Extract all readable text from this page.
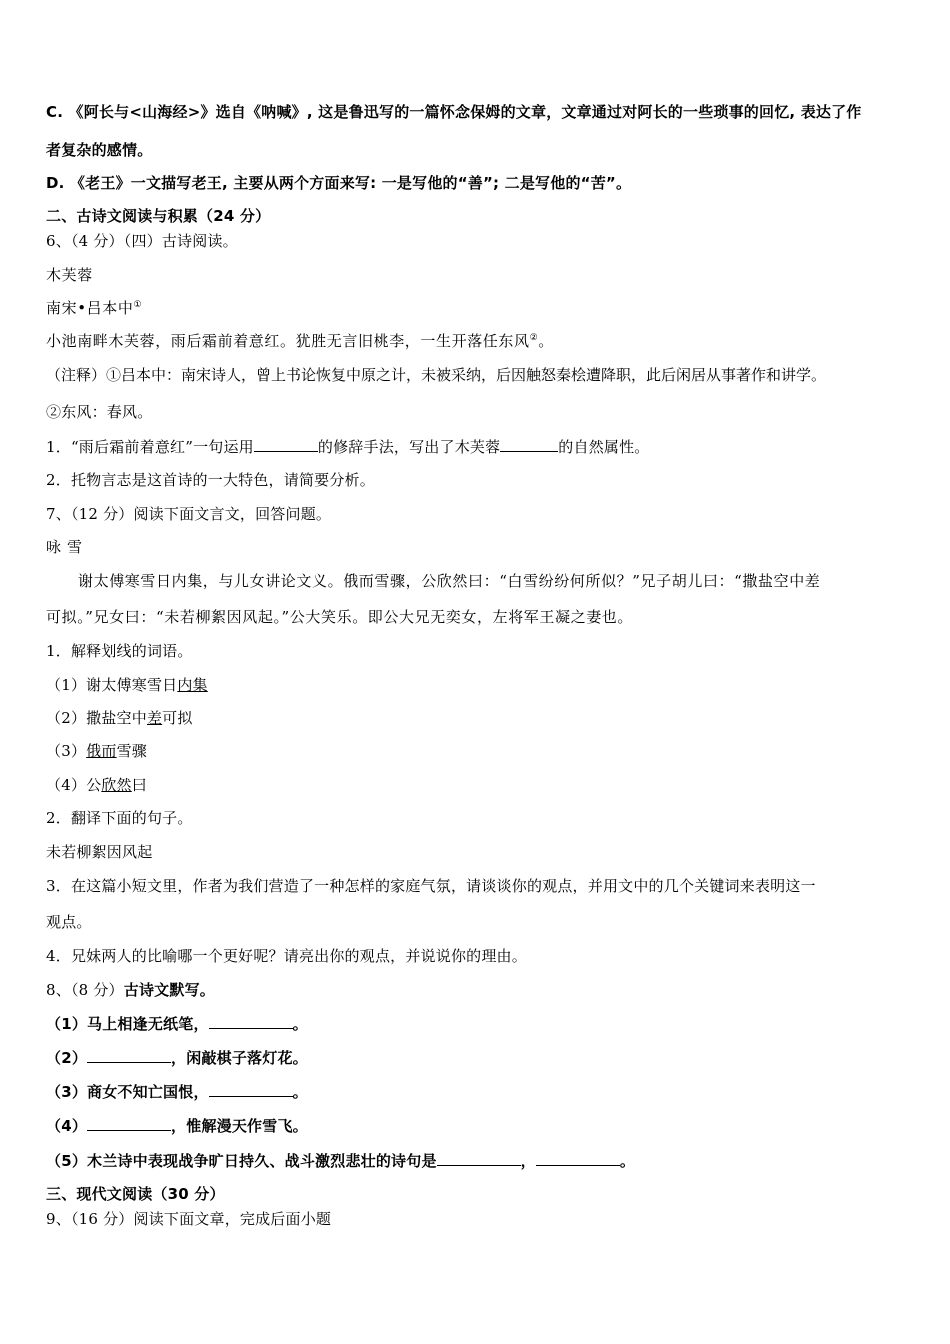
C. 《阿长与<山海经>》选自《呐喊》, 这是鲁迅写的一篇怀念保姆的文章，文章通过对阿长的一些琐事的回忆, 表达了作
者复杂的感情。
D. 《老王》一文描写老王, 主要从两个方面来写: 一是写他的“善”; 二是写他的“苦”。
二、古诗文阅读与积累（24 分）
6、（4 分）（四）古诗阅读。
木芙蓉
南宋•吕本中①
小池南畔木芙蓉，雨后霜前着意红。犹胜无言旧桃李，一生开落任东风②。
（注释）①吕本中：南宋诗人，曾上书论恢复中原之计，未被采纳，后因触怒秦桧遭降职，此后闲居从事著作和讲学。
②东风：春风。
1．“雨后霜前着意红”一句运用	的修辞手法，写出了木芙蓉	的自然属性。
2．托物言志是这首诗的一大特色，请简要分析。
7、（12 分）阅读下面文言文，回答问题。
咏 雪
谢太傅寒雪日内集，与儿女讲论文义。俄而雪骤，公欣然曰：“白雪纷纷何所似？”兄子胡儿曰：“撒盐空中差
可拟。”兄女曰：“未若柳絮因风起。”公大笑乐。即公大兄无奕女，左将军王凝之妻也。
1．解释划线的词语。
（1）谢太傅寒雪日内集
（2）撒盐空中差可拟
（3）俄而雪骤
（4）公欣然曰
2．翻译下面的句子。
未若柳絮因风起
3．在这篇小短文里，作者为我们营造了一种怎样的家庭气氛，请谈谈你的观点，并用文中的几个关键词来表明这一
观点。
4．兄妹两人的比喻哪一个更好呢？请亮出你的观点，并说说你的理由。
8、（8 分）古诗文默写。
（1）马上相逢无纸笔，	。
（2）	，闲敲棋子落灯花。
（3）商女不知亡国恨，	。
（4）	，惟解漫天作雪飞。
（5）木兰诗中表现战争旷日持久、战斗激烈悲壮的诗句是	，	。
三、现代文阅读（30 分）
9、（16 分）阅读下面文章，完成后面小题
